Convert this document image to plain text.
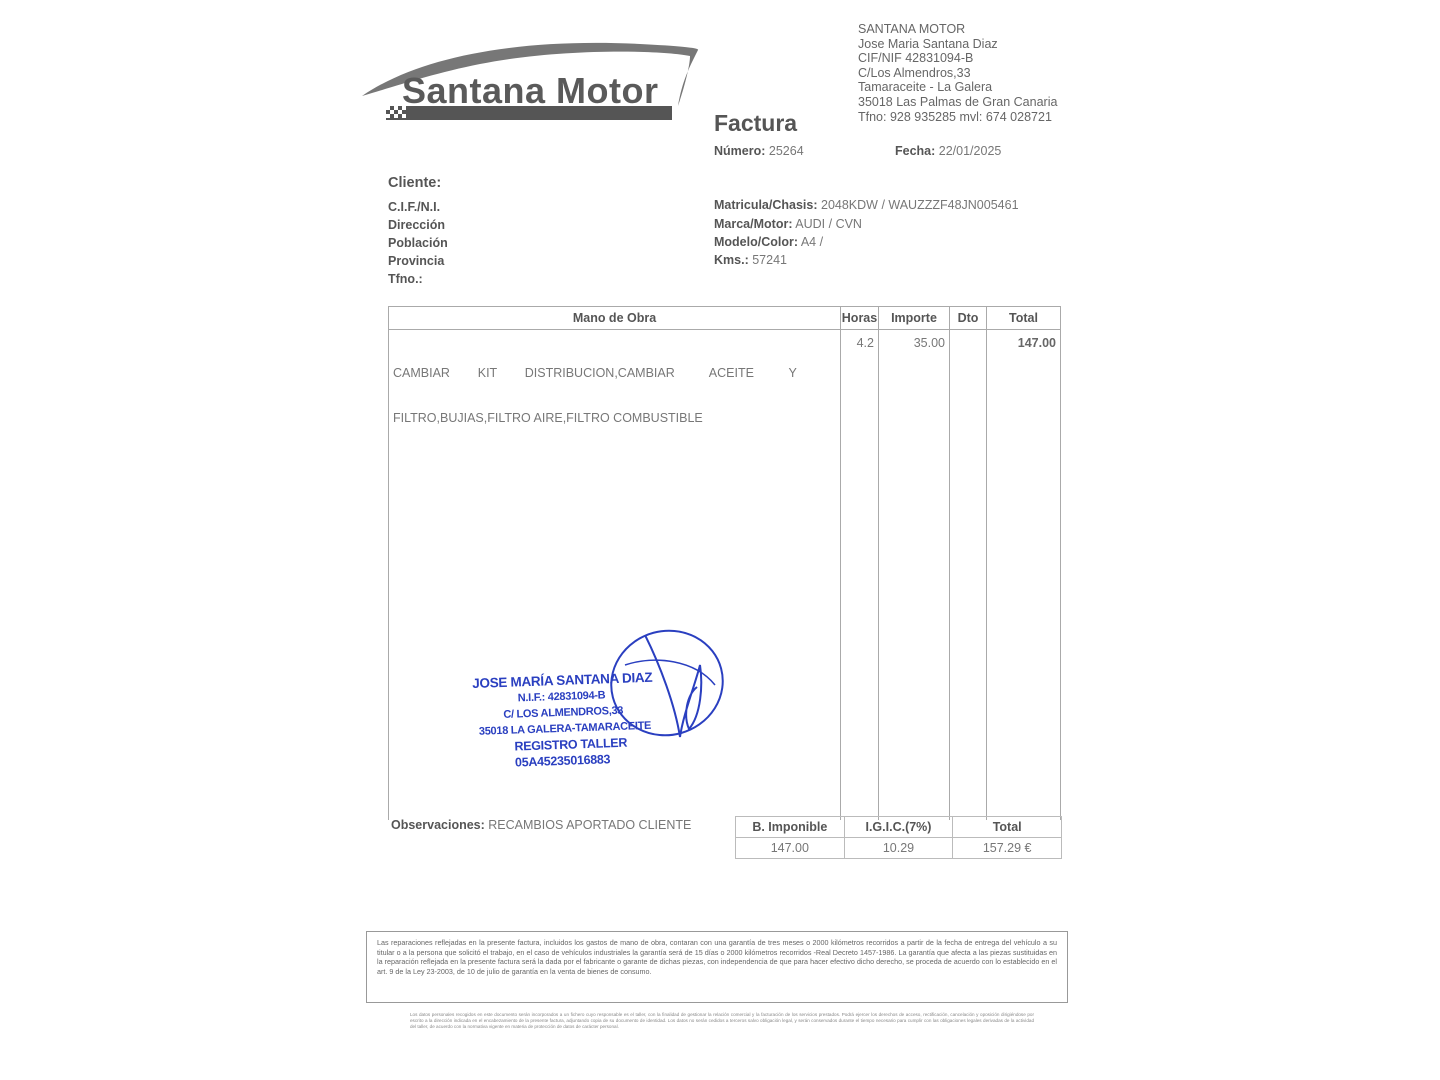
Santana Motor
SANTANA MOTOR
Jose Maria Santana Diaz
CIF/NIF 42831094-B
C/Los Almendros,33
Tamaraceite - La Galera
35018 Las Palmas de Gran Canaria
Tfno: 928 935285 mvl: 674 028721
Factura
Número: 25264	Fecha: 22/01/2025
Cliente:
C.I.F./N.I.
Dirección
Población
Provincia
Tfno.:
Matricula/Chasis: 2048KDW / WAUZZZF48JN005461
Marca/Motor: AUDI / CVN
Modelo/Color: A4 /
Kms.: 57241
Mano de Obra	Horas	Importe	Dto	Total

CAMBIAR        KIT        DISTRIBUCION,CAMBIAR          ACEITE          Y

FILTRO,BUJIAS,FILTRO AIRE,FILTRO COMBUSTIBLE	4.2	35.00		147.00
JOSE MARÍA SANTANA DIAZ
N.I.F.: 42831094-B
C/ LOS ALMENDROS,33
35018 LA GALERA-TAMARACEITE
REGISTRO TALLER
05A45235016883
Observaciones: RECAMBIOS APORTADO CLIENTE	B. Imponible	I.G.I.C.(7%)	Total
147.00	10.29	157.29 €
Las reparaciones reflejadas en la presente factura, incluidos los gastos de mano de obra, contaran con una garantía de tres meses o 2000 kilómetros recorridos a partir de la fecha de entrega del vehículo a su titular o a la persona que solicitó el trabajo, en el caso de vehículos industriales la garantía será de 15 días o 2000 kilómetros recorridos -Real Decreto 1457-1986. La garantía que afecta a las piezas sustituidas en la reparación reflejada en la presente factura será la dada por el fabricante o garante de dichas piezas, con independencia de que para hacer efectivo dicho derecho, se proceda de acuerdo con lo establecido en el art. 9 de la Ley 23-2003, de 10 de julio de garantía en la venta de bienes de consumo.
Los datos personales recogidos en este documento serán incorporados a un fichero cuyo responsable es el taller, con la finalidad de gestionar la relación comercial y la facturación de los servicios prestados. Podrá ejercer los derechos de acceso, rectificación, cancelación y oposición dirigiéndose por escrito a la dirección indicada en el encabezamiento de la presente factura, adjuntando copia de su documento de identidad. Los datos no serán cedidos a terceros salvo obligación legal, y serán conservados durante el tiempo necesario para cumplir con las obligaciones legales derivadas de la actividad del taller, de acuerdo con la normativa vigente en materia de protección de datos de carácter personal.
